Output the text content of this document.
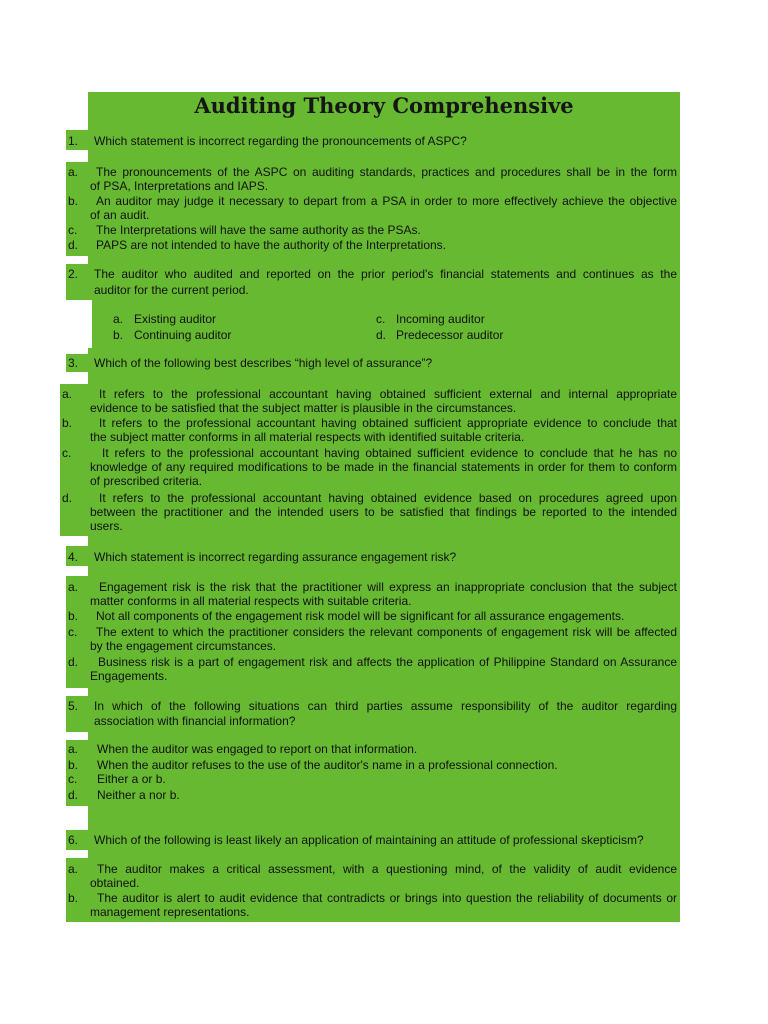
Auditing Theory Comprehensive
1. Which statement is incorrect regarding the pronouncements of ASPC?
a. The pronouncements of the ASPC on auditing standards, practices and procedures shall be in the form
of PSA, Interpretations and IAPS.
b. An auditor may judge it necessary to depart from a PSA in order to more effectively achieve the objective
of an audit.
c. The Interpretations will have the same authority as the PSAs.
d. PAPS are not intended to have the authority of the Interpretations.
2. The auditor who audited and reported on the prior period's financial statements and continues as the
auditor for the current period.
a. Existing auditor
b. Continuing auditor
c. Incoming auditor
d. Predecessor auditor
3. Which of the following best describes “high level of assurance”?
a. It refers to the professional accountant having obtained sufficient external and internal appropriate
evidence to be satisfied that the subject matter is plausible in the circumstances.
b. It refers to the professional accountant having obtained sufficient appropriate evidence to conclude that
the subject matter conforms in all material respects with identified suitable criteria.
c.	It refers to the professional accountant having obtained sufficient evidence to conclude that he has no
knowledge of any required modifications to be made in the financial statements in order for them to conform
of prescribed criteria.
d. It refers to the professional accountant having obtained evidence based on procedures agreed upon
between the practitioner and the intended users to be satisfied that findings be reported to the intended
users.
4. Which statement is incorrect regarding assurance engagement risk?
a. Engagement risk is the risk that the practitioner will express an inappropriate conclusion that the subject
matter conforms in all material respects with suitable criteria.
b. Not all components of the engagement risk model will be significant for all assurance engagements.
c. The extent to which the practitioner considers the relevant components of engagement risk will be affected
by the engagement circumstances.
d. Business risk is a part of engagement risk and affects the application of Philippine Standard on Assurance
Engagements.
5. In which of the following situations can third parties assume responsibility of the auditor regarding
association with financial information?
a. When the auditor was engaged to report on that information.
b. When the auditor refuses to the use of the auditor's name in a professional connection.
c. Either a or b.
d. Neither a nor b.
6. Which of the following is least likely an application of maintaining an attitude of professional skepticism?
a. The auditor makes a critical assessment, with a questioning mind, of the validity of audit evidence
obtained.
b. The auditor is alert to audit evidence that contradicts or brings into question the reliability of documents or
management representations.
